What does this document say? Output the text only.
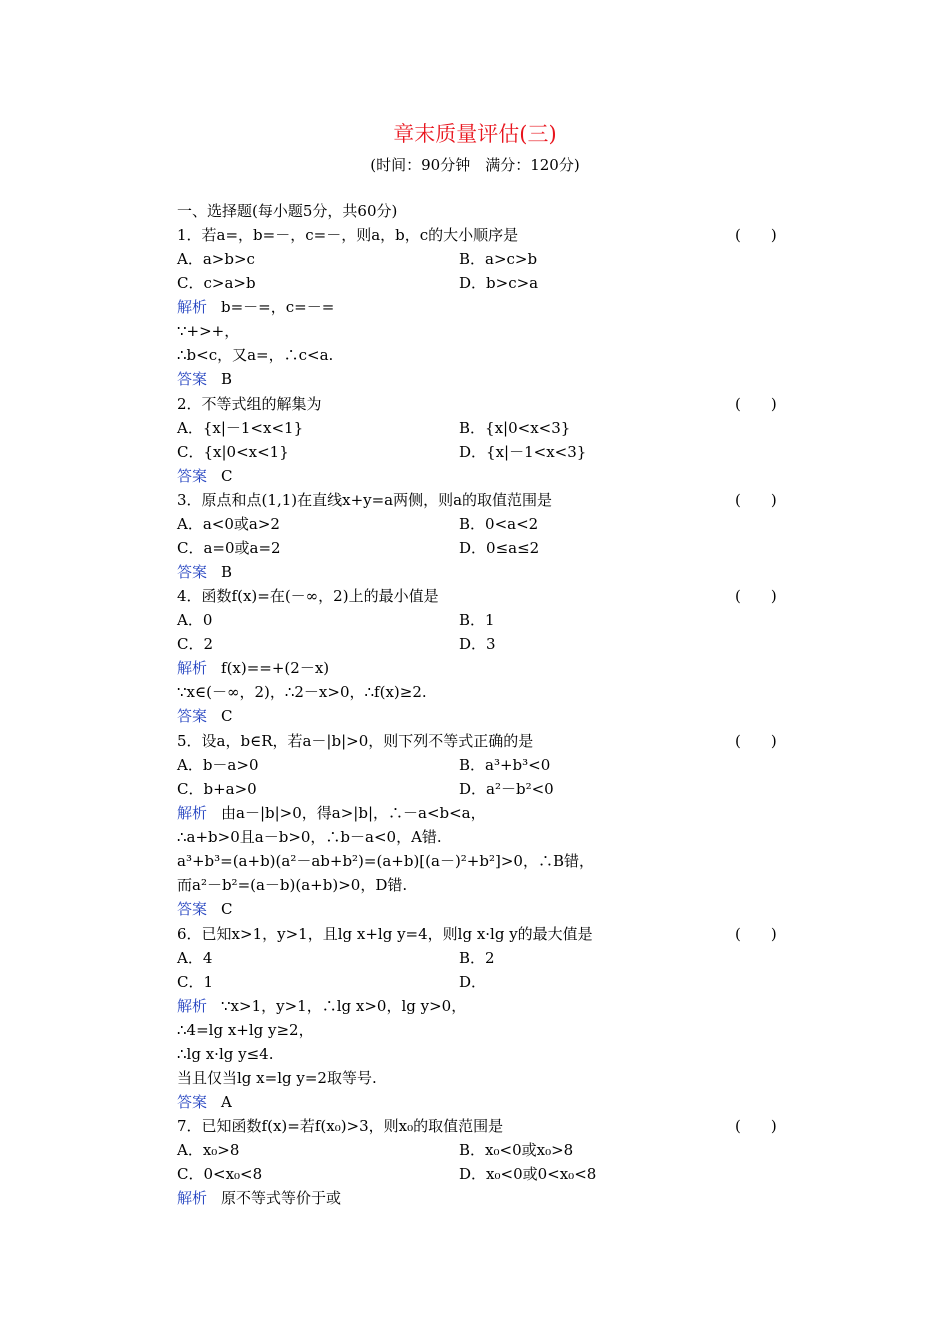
章末质量评估(三)
(时间：90分钟　满分：120分)
一、选择题(每小题5分，共60分)
1．若a=，b=－，c=－，则a，b，c的大小顺序是	(　　)
A．a>b>c	B．a>c>b
C．c>a>b	D．b>c>a
解析 b=－=，c=－=
∵+>+，
∴b<c，又a=，∴c<a.
答案 B
2．不等式组的解集为	(　　)
A．{x|－1<x<1}	B．{x|0<x<3}
C．{x|0<x<1}	D．{x|－1<x<3}
答案 C
3．原点和点(1,1)在直线x+y=a两侧，则a的取值范围是	(　　)
A．a<0或a>2	B．0<a<2
C．a=0或a=2	D．0≤a≤2
答案 B
4．函数f(x)=在(－∞，2)上的最小值是	(　　)
A．0	B．1
C．2	D．3
解析 f(x)==+(2－x)
∵x∈(－∞，2)，∴2－x>0，∴f(x)≥2.
答案 C
5．设a，b∈R，若a－|b|>0，则下列不等式正确的是	(　　)
A．b－a>0	B．a³+b³<0
C．b+a>0	D．a²－b²<0
解析 由a－|b|>0，得a>|b|，∴－a<b<a，
∴a+b>0且a－b>0，∴b－a<0，A错.
a³+b³=(a+b)(a²－ab+b²)=(a+b)[(a－)²+b²]>0，∴B错，
而a²－b²=(a－b)(a+b)>0，D错.
答案 C
6．已知x>1，y>1，且lg x+lg y=4，则lg x·lg y的最大值是	(　　)
A．4	B．2
C．1	D．
解析 ∵x>1，y>1，∴lg x>0，lg y>0，
∴4=lg x+lg y≥2，
∴lg x·lg y≤4.
当且仅当lg x=lg y=2取等号.
答案 A
7．已知函数f(x)=若f(x₀)>3，则x₀的取值范围是	(　　)
A．x₀>8	B．x₀<0或x₀>8
C．0<x₀<8	D．x₀<0或0<x₀<8
解析 原不等式等价于或
